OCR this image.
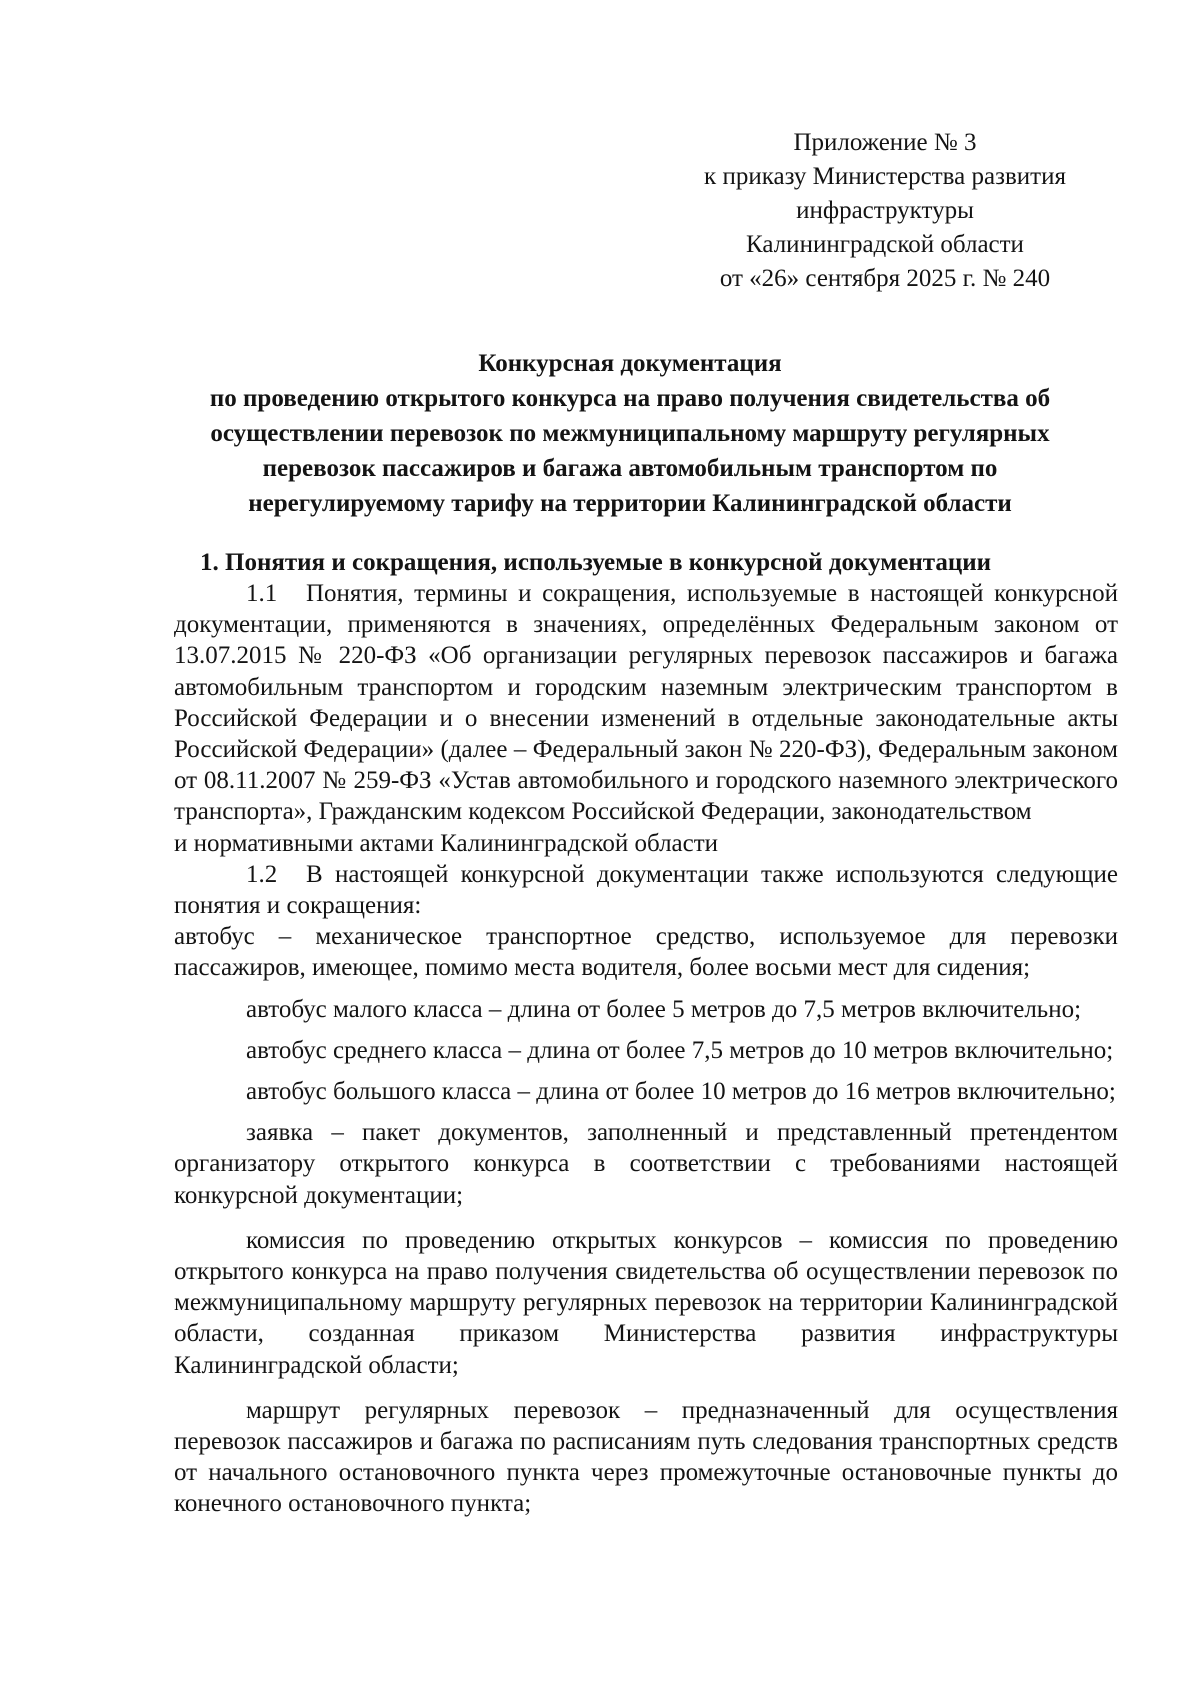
Приложение № 3
к приказу Министерства развития
инфраструктуры
Калининградской области
от «26» сентября 2025 г. № 240
Конкурсная документация
по проведению открытого конкурса на право получения свидетельства об
осуществлении перевозок по межмуниципальному маршруту регулярных
перевозок пассажиров и багажа автомобильным транспортом по
нерегулируемому тарифу на территории Калининградской области
1. Понятия и сокращения, используемые в конкурсной документации

1.1 Понятия, термины и сокращения, используемые в настоящей конкурсной документации, применяются в значениях, определённых Федеральным законом от 13.07.2015 № 220-ФЗ «Об организации регулярных перевозок пассажиров и багажа автомобильным транспортом и городским наземным электрическим транспортом в Российской Федерации и о внесении изменений в отдельные законодательные акты Российской Федерации» (далее – Федеральный закон № 220-ФЗ), Федеральным законом от 08.11.2007 № 259-ФЗ «Устав автомобильного и городского наземного электрического транспорта», Гражданским кодексом Российской Федерации, законодательством

и нормативными актами Калининградской области

1.2 В настоящей конкурсной документации также используются следующие понятия и сокращения:

автобус – механическое транспортное средство, используемое для перевозки пассажиров, имеющее, помимо места водителя, более восьми мест для сидения;

автобус малого класса – длина от более 5 метров до 7,5 метров включительно;

автобус среднего класса – длина от более 7,5 метров до 10 метров включительно;

автобус большого класса – длина от более 10 метров до 16 метров включительно;

заявка – пакет документов, заполненный и представленный претендентом организатору открытого конкурса в соответствии с требованиями настоящей конкурсной документации;

комиссия по проведению открытых конкурсов – комиссия по проведению открытого конкурса на право получения свидетельства об осуществлении перевозок по межмуниципальному маршруту регулярных перевозок на территории Калининградской области, созданная приказом Министерства развития инфраструктуры Калининградской области;

маршрут регулярных перевозок – предназначенный для осуществления перевозок пассажиров и багажа по расписаниям путь следования транспортных средств от начального остановочного пункта через промежуточные остановочные пункты до конечного остановочного пункта;
